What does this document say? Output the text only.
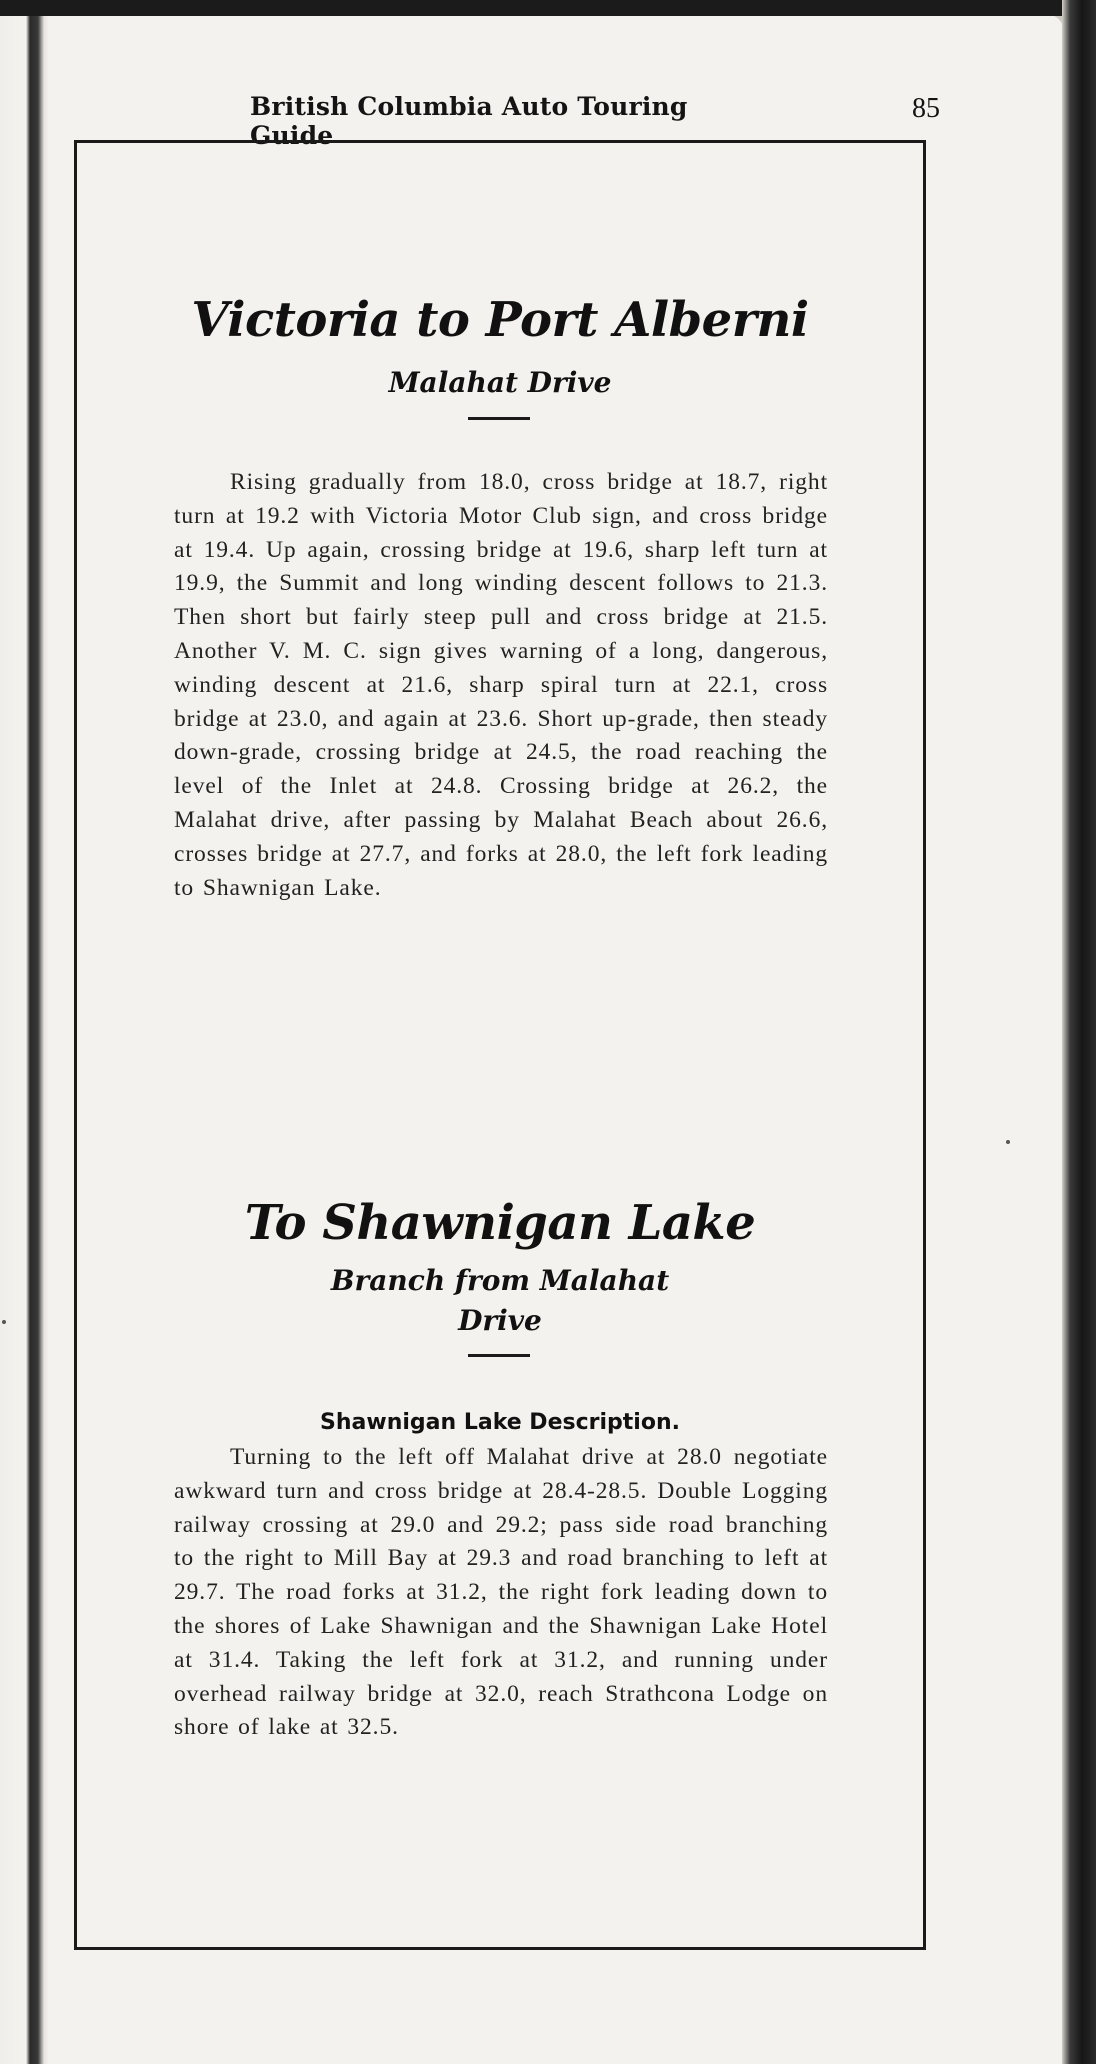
British Columbia Auto Touring Guide
85
Victoria to Port Alberni
Malahat Drive

Rising gradually from 18.0, cross bridge at 18.7, right turn at 19.2 with Victoria Motor Club sign, and cross bridge at 19.4. Up again, crossing bridge at 19.6, sharp left turn at 19.9, the Summit and long winding descent follows to 21.3. Then short but fairly steep pull and cross bridge at 21.5. Another V. M. C. sign gives warning of a long, dangerous, winding descent at 21.6, sharp spiral turn at 22.1, cross bridge at 23.0, and again at 23.6. Short up-grade, then steady down-grade, crossing bridge at 24.5, the road reaching the level of the Inlet at 24.8. Crossing bridge at 26.2, the Malahat drive, after passing by Malahat Beach about 26.6, crosses bridge at 27.7, and forks at 28.0, the left fork leading to Shawnigan Lake.

To Shawnigan Lake
Branch from Malahat
Drive
Shawnigan Lake Description.

Turning to the left off Malahat drive at 28.0 negotiate awkward turn and cross bridge at 28.4-28.5. Double Logging railway crossing at 29.0 and 29.2; pass side road branching to the right to Mill Bay at 29.3 and road branching to left at 29.7. The road forks at 31.2, the right fork leading down to the shores of Lake Shawnigan and the Shawnigan Lake Hotel at 31.4. Taking the left fork at 31.2, and running under overhead railway bridge at 32.0, reach Strathcona Lodge on shore of lake at 32.5.
